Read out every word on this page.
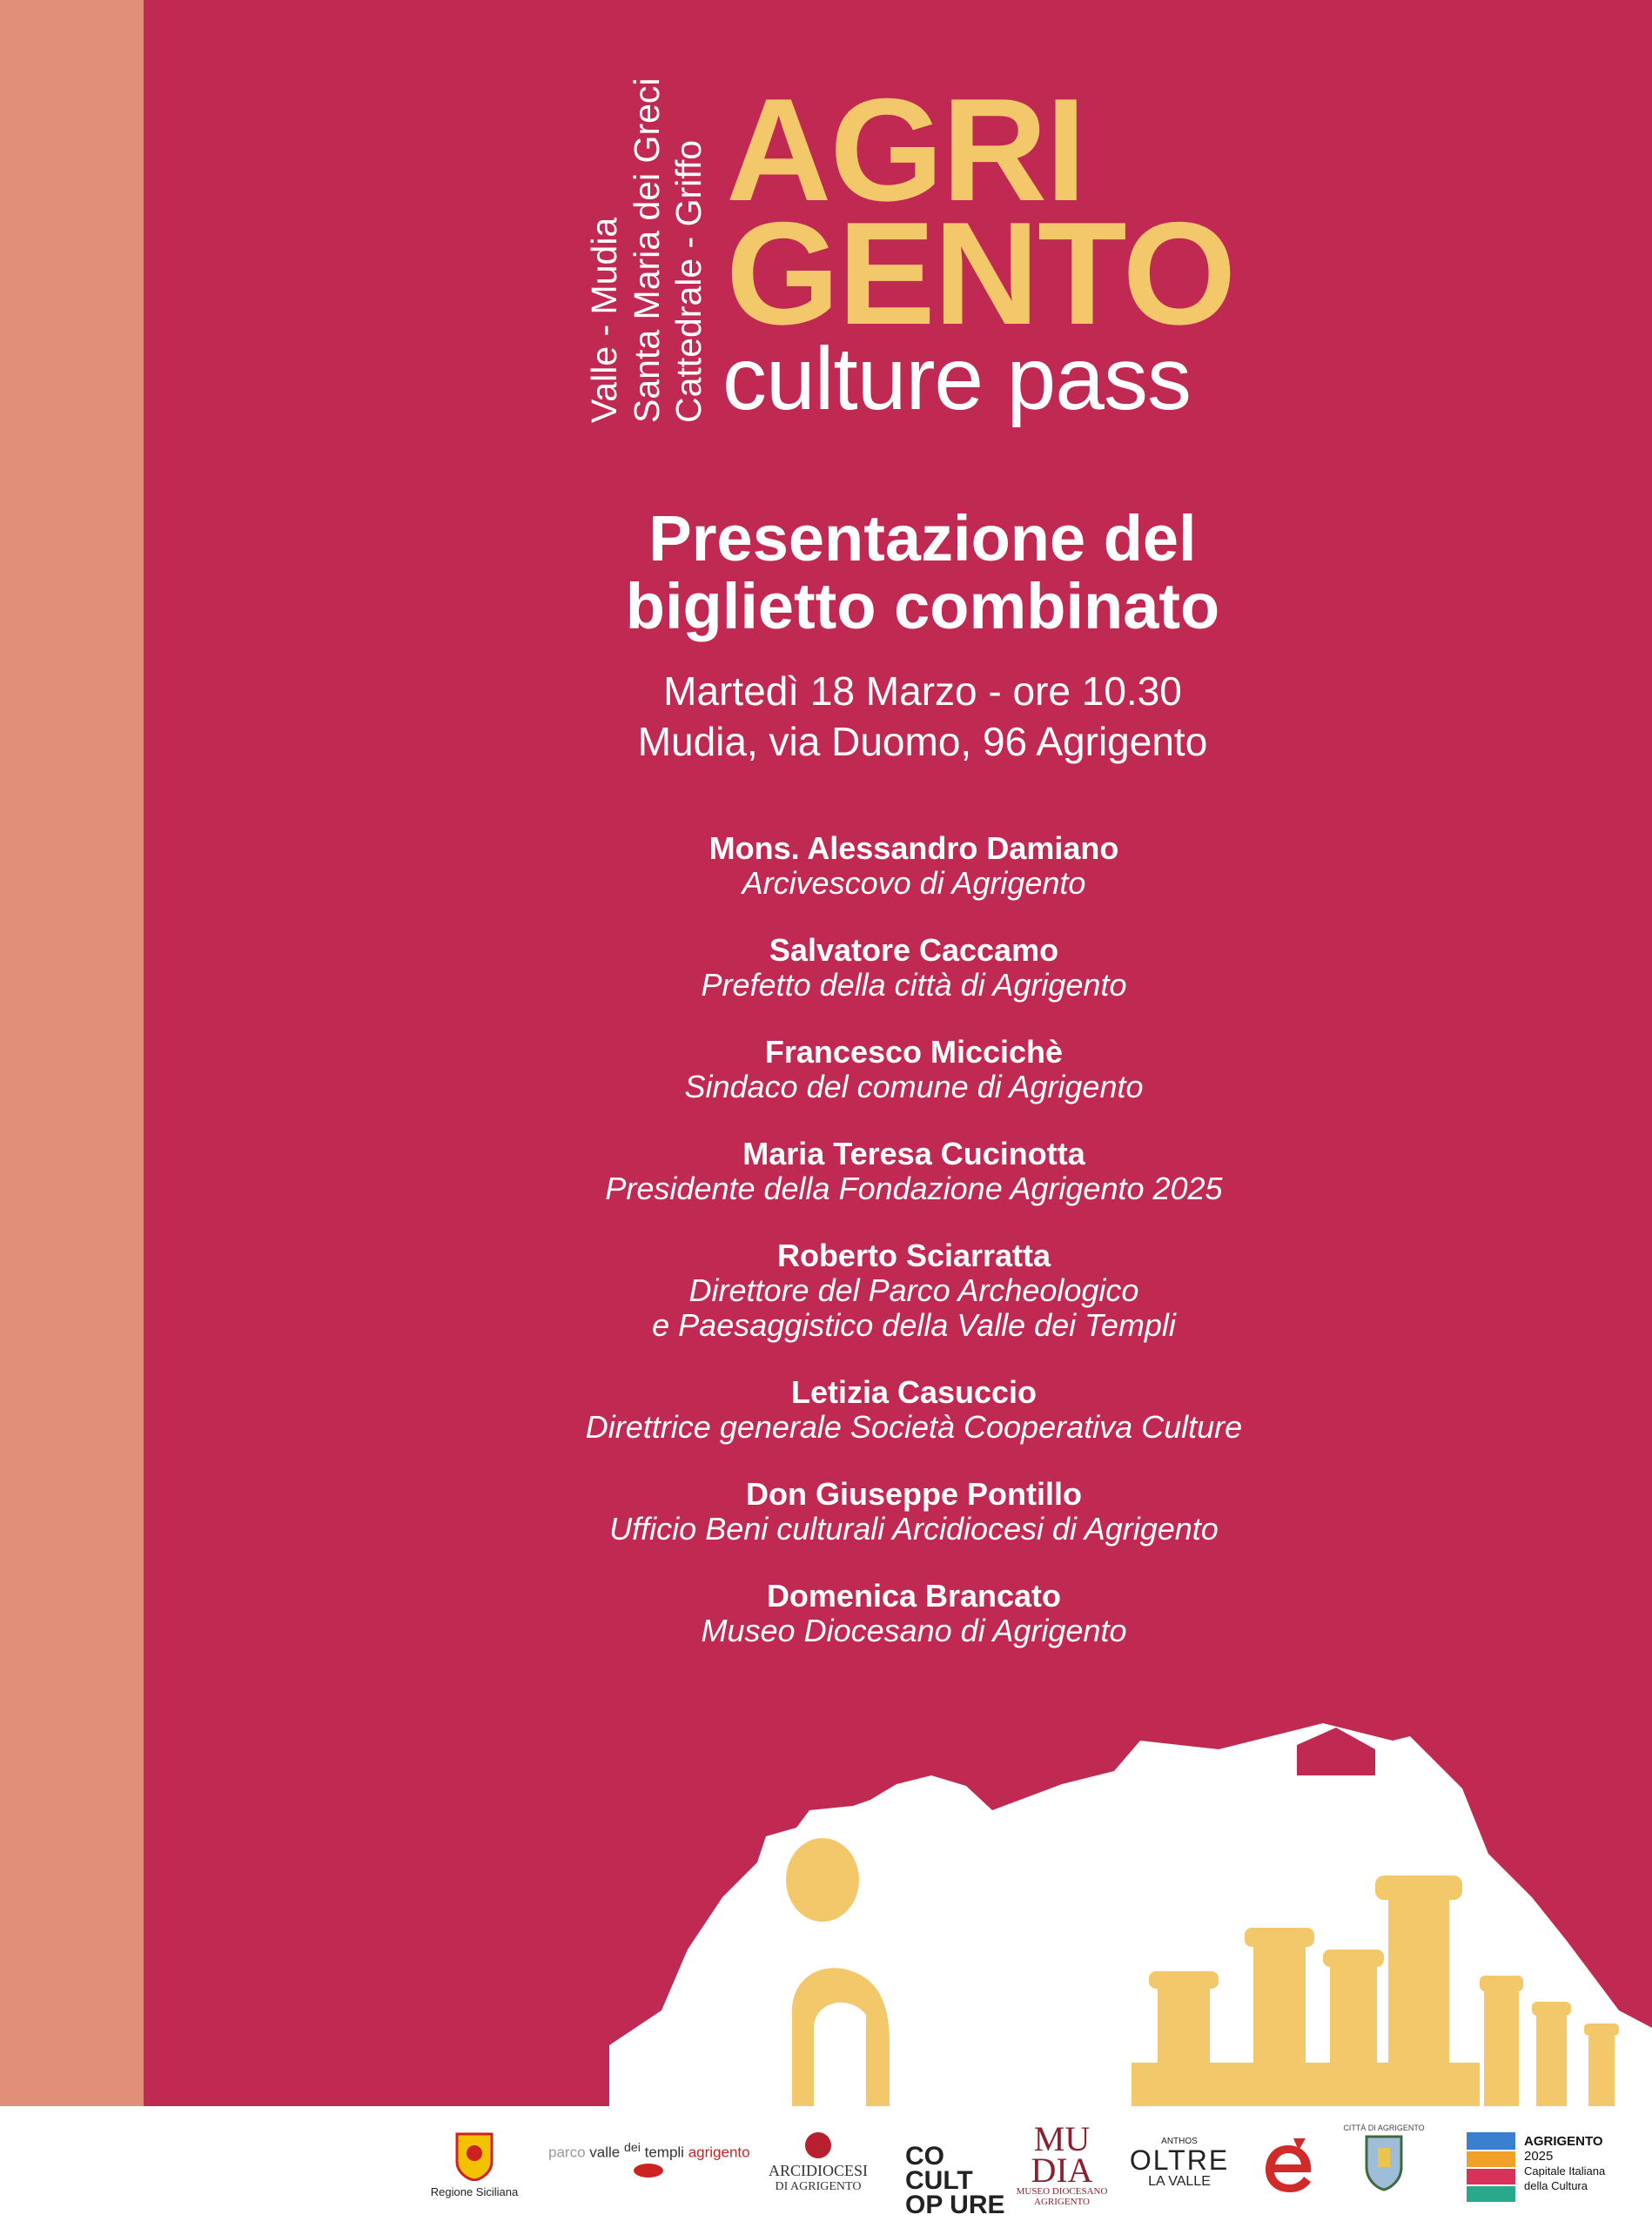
Valle - Mudia Santa Maria dei Greci Cattedrale - Griffo AGRI
GENTO
culture pass
Presentazione del
biglietto combinato
Martedì 18 Marzo - ore 10.30
Mudia, via Duomo, 96 Agrigento
Mons. Alessandro Damiano
Arcivescovo di Agrigento
Salvatore Caccamo
Prefetto della città di Agrigento
Francesco Miccichè
Sindaco del comune di Agrigento
Maria Teresa Cucinotta
Presidente della Fondazione Agrigento 2025
Roberto Sciarratta
Direttore del Parco Archeologico
e Paesaggistico della Valle dei Templi
Letizia Casuccio
Direttrice generale Società Cooperativa Culture
Don Giuseppe Pontillo
Ufficio Beni culturali Arcidiocesi di Agrigento
Domenica Brancato
Museo Diocesano di Agrigento
Regione Siciliana
parco valle $^{dei}$ templi agrigento
ARCIDIOCESI
DI AGRIGENTO
CO CULT
OP URE
MU
DIA
MUSEO DIOCESANO
AGRIGENTO
ANTHOS
OLTRE
LA VALLE
CITTÀ DI AGRIGENTO
AGRIGENTO
2025
Capitale Italiana
della Cultura
